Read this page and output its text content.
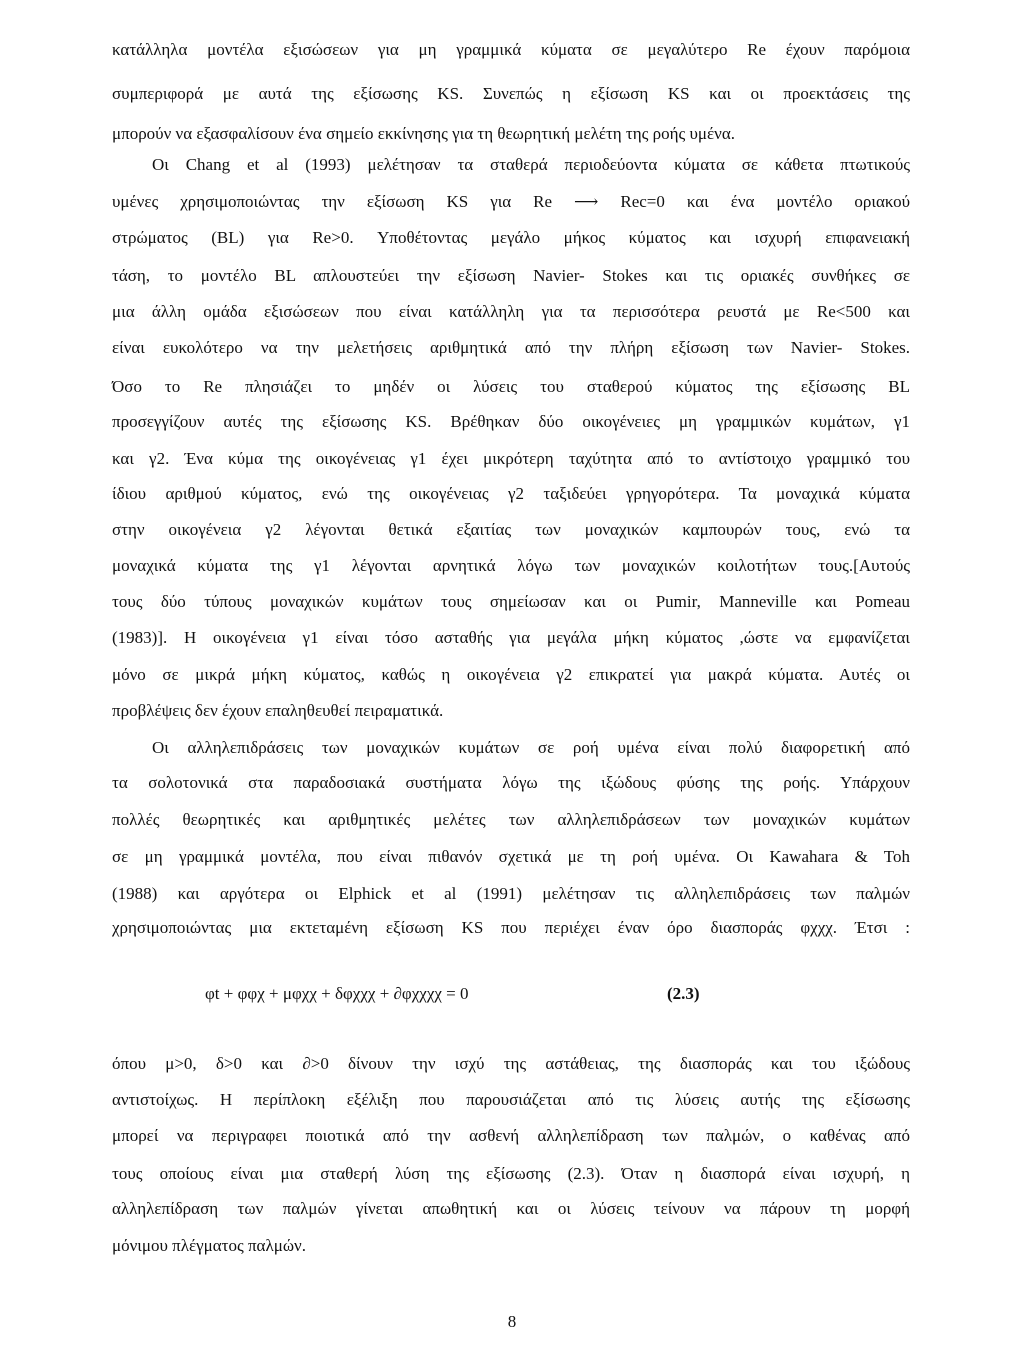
κατάλληλα μοντέλα εξισώσεων για μη γραμμικά κύματα σε μεγαλύτερο Re έχουν παρόμοια
συμπεριφορά με αυτά της εξίσωσης KS. Συνεπώς η εξίσωση KS και οι προεκτάσεις της
μπορούν να εξασφαλίσουν ένα σημείο εκκίνησης για τη θεωρητική μελέτη της ροής υμένα.
Οι Chang et al (1993) μελέτησαν τα σταθερά περιοδεύοντα κύματα σε κάθετα πτωτικούς
υμένες χρησιμοποιώντας την εξίσωση KS για Re ⟶ Rec=0 και ένα μοντέλο οριακού
στρώματος (BL) για Re>0. Υποθέτοντας μεγάλο μήκος κύματος και ισχυρή επιφανειακή
τάση, το μοντέλο BL απλουστεύει την εξίσωση Navier- Stokes και τις οριακές συνθήκες σε
μια άλλη ομάδα εξισώσεων που είναι κατάλληλη για τα περισσότερα ρευστά με Re<500 και
είναι ευκολότερο να την μελετήσεις αριθμητικά από την πλήρη εξίσωση των Navier- Stokes.
Όσο το Re πλησιάζει το μηδέν οι λύσεις του σταθερού κύματος της εξίσωσης BL
προσεγγίζουν αυτές της εξίσωσης KS. Βρέθηκαν δύο οικογένειες μη γραμμικών κυμάτων, γ1
και γ2. Ένα κύμα της οικογένειας γ1 έχει μικρότερη ταχύτητα από το αντίστοιχο γραμμικό του
ίδιου αριθμού κύματος, ενώ της οικογένειας γ2 ταξιδεύει γρηγορότερα. Τα μοναχικά κύματα
στην οικογένεια γ2 λέγονται θετικά εξαιτίας των μοναχικών καμπουρών τους, ενώ τα
μοναχικά κύματα της γ1 λέγονται αρνητικά λόγω των μοναχικών κοιλοτήτων τους.[Αυτούς
τους δύο τύπους μοναχικών κυμάτων τους σημείωσαν και οι Pumir, Manneville και Pomeau
(1983)]. Η οικογένεια γ1 είναι τόσο ασταθής για μεγάλα μήκη κύματος ,ώστε να εμφανίζεται
μόνο σε μικρά μήκη κύματος, καθώς η οικογένεια γ2 επικρατεί για μακρά κύματα. Αυτές οι
προβλέψεις δεν έχουν επαληθευθεί πειραματικά.
Οι αλληλεπιδράσεις των μοναχικών κυμάτων σε ροή υμένα είναι πολύ διαφορετική από
τα σολοτονικά στα παραδοσιακά συστήματα λόγω της ιξώδους φύσης της ροής. Υπάρχουν
πολλές θεωρητικές και αριθμητικές μελέτες των αλληλεπιδράσεων των μοναχικών κυμάτων
σε μη γραμμικά μοντέλα, που είναι πιθανόν σχετικά με τη ροή υμένα. Οι Kawahara & Toh
(1988) και αργότερα οι Elphick et al (1991) μελέτησαν τις αλληλεπιδράσεις των παλμών
χρησιμοποιώντας μια εκτεταμένη εξίσωση KS που περιέχει έναν όρο διασποράς φχχχ. Έτσι :
φt + φφχ + μφχχ + δφχχχ + ∂φχχχχ = 0	(2.3)
όπου μ>0, δ>0 και ∂>0 δίνουν την ισχύ της αστάθειας, της διασποράς και του ιξώδους
αντιστοίχως. Η περίπλοκη εξέλιξη που παρουσιάζεται από τις λύσεις αυτής της εξίσωσης
μπορεί να περιγραφει ποιοτικά από την ασθενή αλληλεπίδραση των παλμών, ο καθένας από
τους οποίους είναι μια σταθερή λύση της εξίσωσης (2.3). Όταν η διασπορά είναι ισχυρή, η
αλληλεπίδραση των παλμών γίνεται απωθητική και οι λύσεις τείνουν να πάρουν τη μορφή
μόνιμου πλέγματος παλμών.
8
